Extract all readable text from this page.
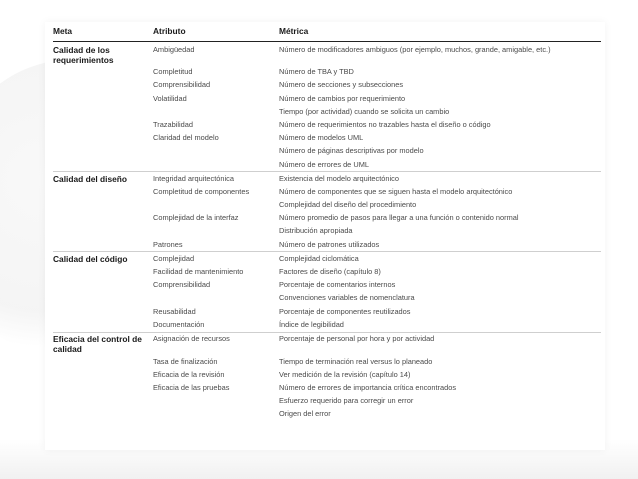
Meta	Atributo	Métrica
Calidad de los requerimientos	Ambigüedad	Número de modificadores ambiguos (por ejemplo, muchos, grande, amigable, etc.)
	Completitud	Número de TBA y TBD
	Comprensibilidad	Número de secciones y subsecciones
	Volatilidad	Número de cambios por requerimiento
		Tiempo (por actividad) cuando se solicita un cambio
	Trazabilidad	Número de requerimientos no trazables hasta el diseño o código
	Claridad del modelo	Número de modelos UML
		Número de páginas descriptivas por modelo
		Número de errores de UML
Calidad del diseño	Integridad arquitectónica	Existencia del modelo arquitectónico
	Completitud de componentes	Número de componentes que se siguen hasta el modelo arquitectónico
		Complejidad del diseño del procedimiento
	Complejidad de la interfaz	Número promedio de pasos para llegar a una función o contenido normal
		Distribución apropiada
	Patrones	Número de patrones utilizados
Calidad del código	Complejidad	Complejidad ciclomática
	Facilidad de mantenimiento	Factores de diseño (capítulo 8)
	Comprensibilidad	Porcentaje de comentarios internos
		Convenciones variables de nomenclatura
	Reusabilidad	Porcentaje de componentes reutilizados
	Documentación	Índice de legibilidad
Eficacia del control de calidad	Asignación de recursos	Porcentaje de personal por hora y por actividad
	Tasa de finalización	Tiempo de terminación real versus lo planeado
	Eficacia de la revisión	Ver medición de la revisión (capítulo 14)
	Eficacia de las pruebas	Número de errores de importancia crítica encontrados
		Esfuerzo requerido para corregir un error
		Origen del error
